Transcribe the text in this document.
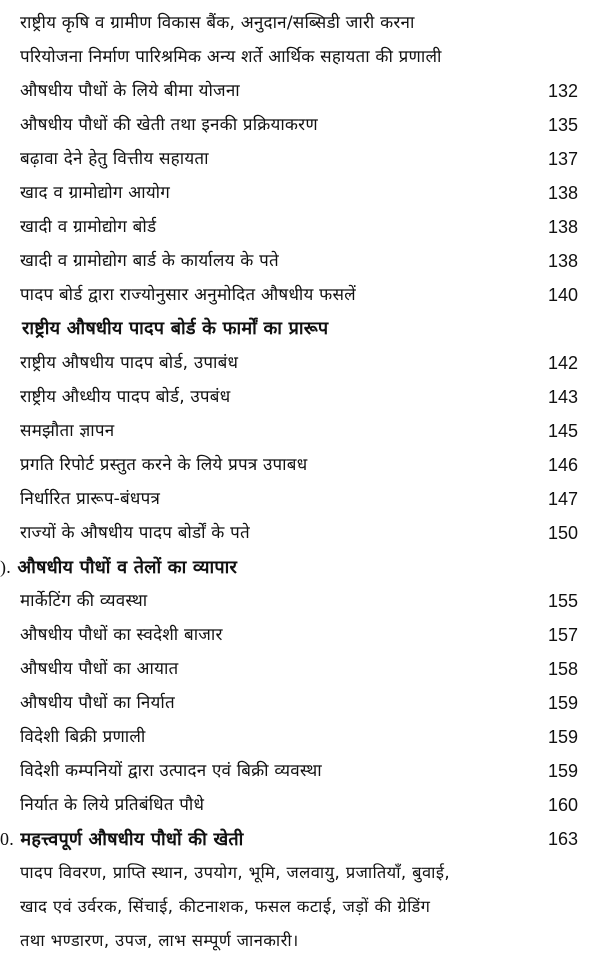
राष्ट्रीय कृषि व ग्रामीण विकास बैंक, अनुदान/सब्सिडी जारी करना
परियोजना निर्माण पारिश्रमिक अन्य शर्ते आर्थिक सहायता की प्रणाली
औषधीय पौधों के लिये बीमा योजना	132
औषधीय पौधों की खेती तथा इनकी प्रक्रियाकरण	135
बढ़ावा देने हेतु वित्तीय सहायता	137
खाद व ग्रामोद्योग आयोग	138
खादी व ग्रामोद्योग बोर्ड	138
खादी व ग्रामोद्योग बार्ड के कार्यालय के पते	138
पादप बोर्ड द्वारा राज्योनुसार अनुमोदित औषधीय फसलें	140
राष्ट्रीय औषधीय पादप बोर्ड के फार्मों का प्रारूप
राष्ट्रीय औषधीय पादप बोर्ड, उपाबंध	142
राष्ट्रीय औध्धीय पादप बोर्ड, उपबंध	143
समझौता ज्ञापन	145
प्रगति रिपोर्ट प्रस्तुत करने के लिये प्रपत्र उपाबध	146
निर्धारित प्रारूप-बंधपत्र	147
राज्यों के औषधीय पादप बोर्डों के पते	150
). औषधीय पौधों व तेलों का व्यापार
मार्केटिंग की व्यवस्था	155
औषधीय पौधों का स्वदेशी बाजार	157
औषधीय पौधों का आयात	158
औषधीय पौधों का निर्यात	159
विदेशी बिक्री प्रणाली	159
विदेशी कम्पनियों द्वारा उत्पादन एवं बिक्री व्यवस्था	159
निर्यात के लिये प्रतिबंधित पौधे	160
0. महत्त्वपूर्ण औषधीय पौधों की खेती	163
पादप विवरण, प्राप्ति स्थान, उपयोग, भूमि, जलवायु, प्रजातियाँ, बुवाई,
खाद एवं उर्वरक, सिंचाई, कीटनाशक, फसल कटाई, जड़ों की ग्रेडिंग
तथा भण्डारण, उपज, लाभ सम्पूर्ण जानकारी।
